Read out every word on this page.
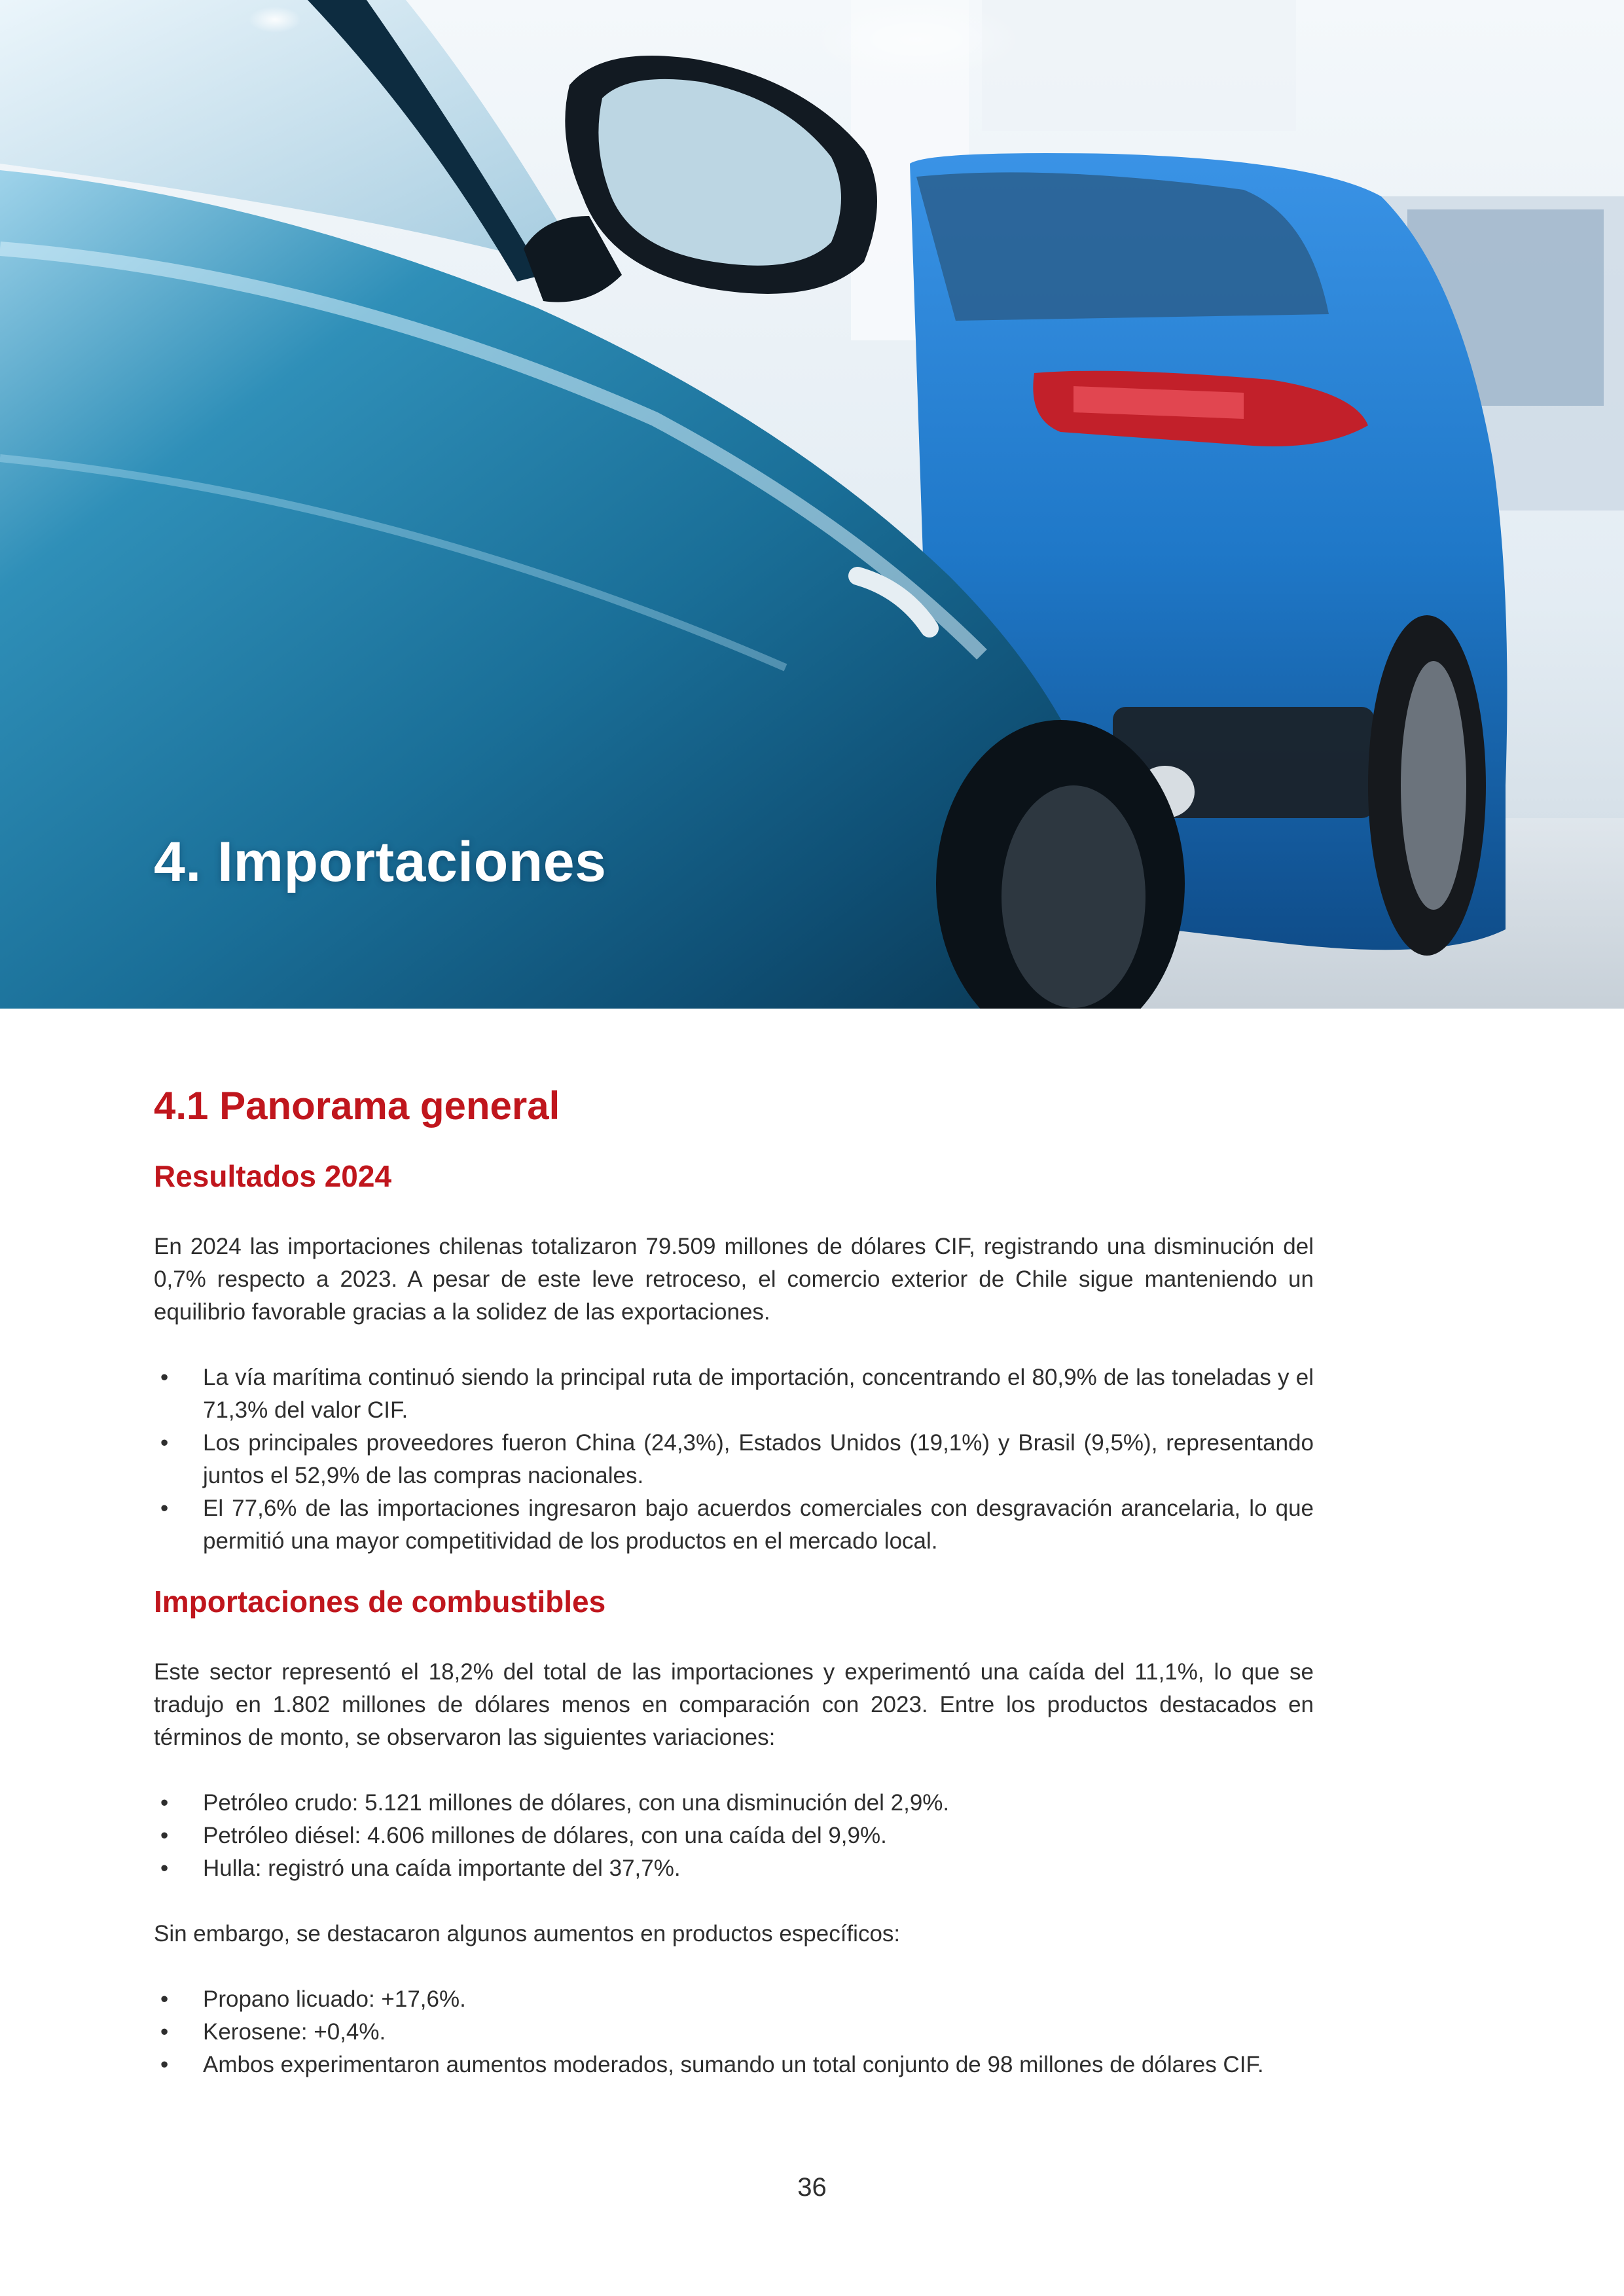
4. Importaciones
4.1 Panorama general
Resultados 2024

En 2024 las importaciones chilenas totalizaron 79.509 millones de dólares CIF, registrando una disminución del 0,7% respecto a 2023. A pesar de este leve retroceso, el comercio exterior de Chile sigue manteniendo un equilibrio favorable gracias a la solidez de las exportaciones.

• La vía marítima continuó siendo la principal ruta de importación, concentrando el 80,9% de las toneladas y el 71,3% del valor CIF.
• Los principales proveedores fueron China (24,3%), Estados Unidos (19,1%) y Brasil (9,5%), representando juntos el 52,9% de las compras nacionales.
• El 77,6% de las importaciones ingresaron bajo acuerdos comerciales con desgravación arancelaria, lo que permitió una mayor competitividad de los productos en el mercado local.
Importaciones de combustibles

Este sector representó el 18,2% del total de las importaciones y experimentó una caída del 11,1%, lo que se tradujo en 1.802 millones de dólares menos en comparación con 2023. Entre los productos destacados en términos de monto, se observaron las siguientes variaciones:

• Petróleo crudo: 5.121 millones de dólares, con una disminución del 2,9%.
• Petróleo diésel: 4.606 millones de dólares, con una caída del 9,9%.
• Hulla: registró una caída importante del 37,7%.

Sin embargo, se destacaron algunos aumentos en productos específicos:

• Propano licuado: +17,6%.
• Kerosene: +0,4%.
• Ambos experimentaron aumentos moderados, sumando un total conjunto de 98 millones de dólares CIF.
36
